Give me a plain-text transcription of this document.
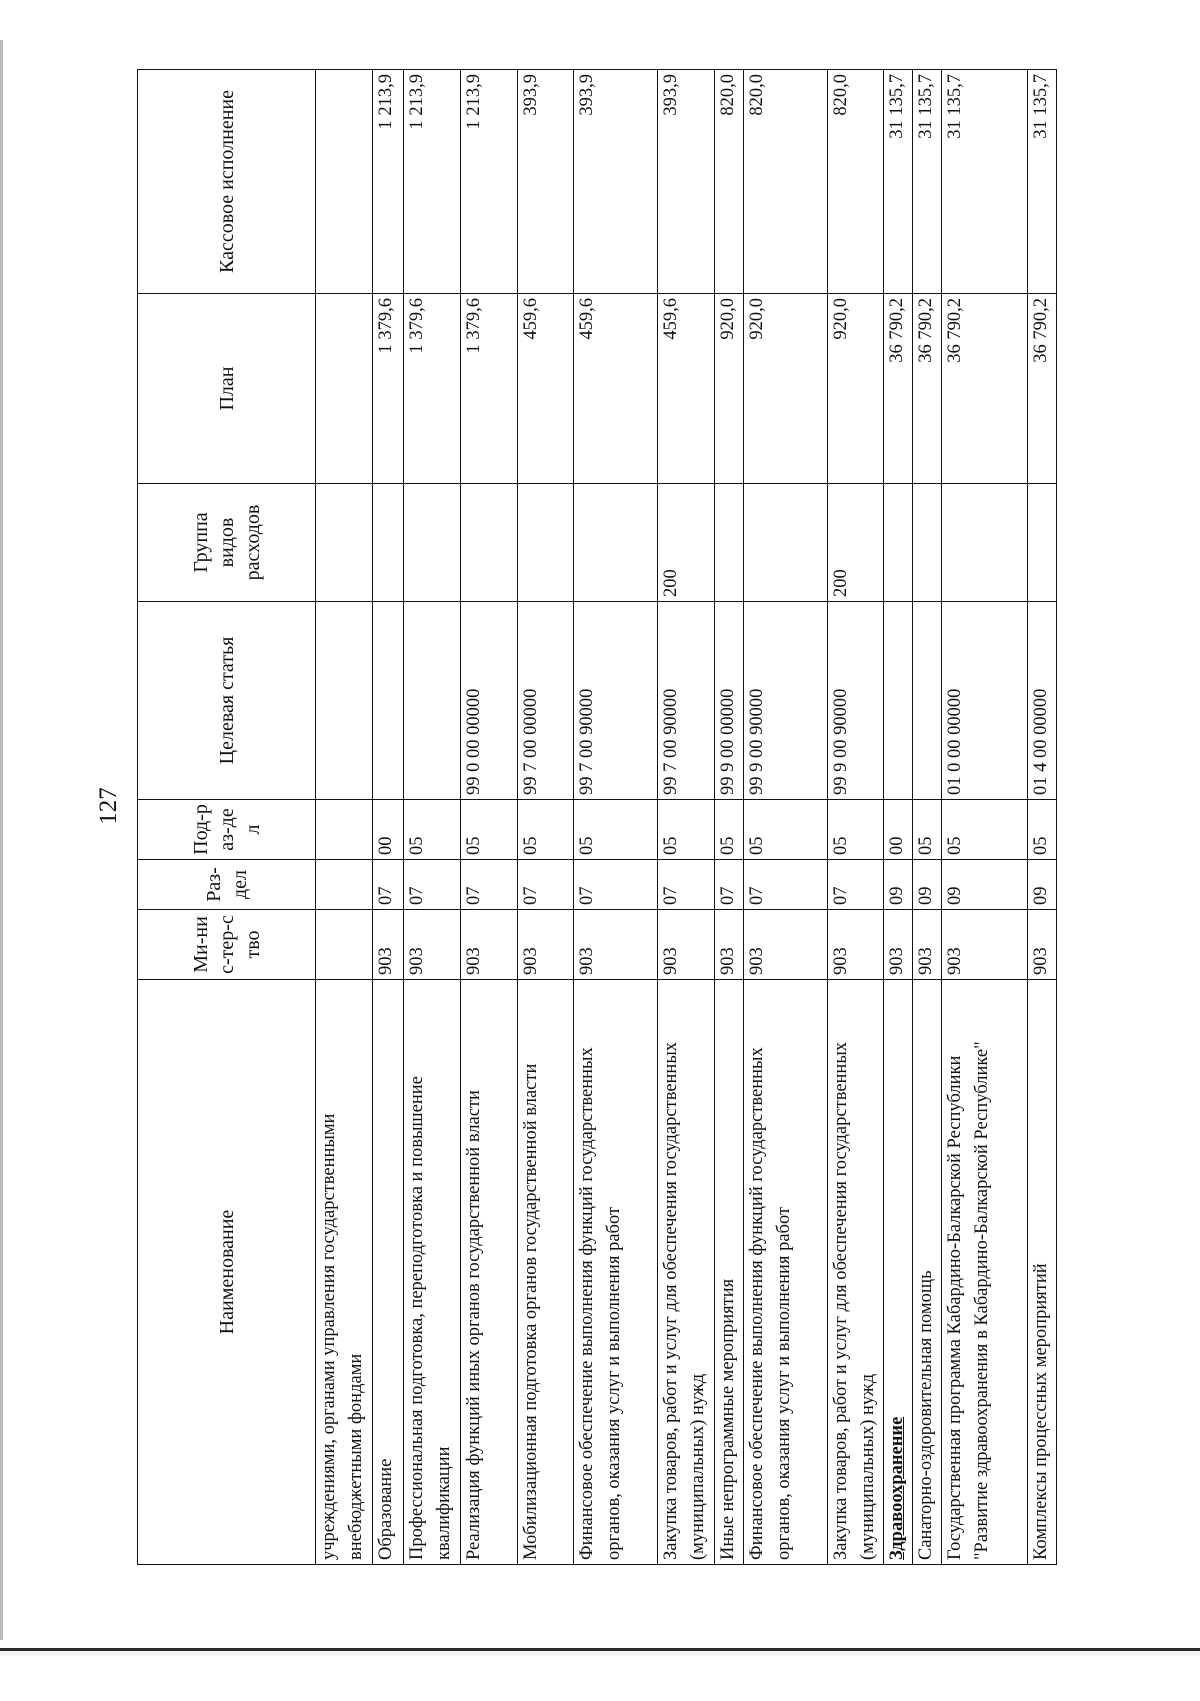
127
Наименование	Ми-нис-тер-ство	Раз-дел	Под-раз-дел	Целевая статья	Группа видов расходов	План	Кассовое исполнение
учреждениями, органами управления государственными внебюджетными фондами							
Образование	903	07	00			1 379,6	1 213,9
Профессиональная подготовка, переподготовка и повышение квалификации	903	07	05			1 379,6	1 213,9
Реализация функций иных органов государственной власти	903	07	05	99 0 00 00000		1 379,6	1 213,9
Мобилизационная подготовка органов государственной власти	903	07	05	99 7 00 00000		459,6	393,9
Финансовое обеспечение выполнения функций государственных органов, оказания услуг и выполнения работ	903	07	05	99 7 00 90000		459,6	393,9
Закупка товаров, работ и услуг для обеспечения государственных (муниципальных) нужд	903	07	05	99 7 00 90000	200	459,6	393,9
Иные непрограммные мероприятия	903	07	05	99 9 00 00000		920,0	820,0
Финансовое обеспечение выполнения функций государственных органов, оказания услуг и выполнения работ	903	07	05	99 9 00 90000		920,0	820,0
Закупка товаров, работ и услуг для обеспечения государственных (муниципальных) нужд	903	07	05	99 9 00 90000	200	920,0	820,0
Здравоохранение	903	09	00			36 790,2	31 135,7
Санаторно-оздоровительная помощь	903	09	05			36 790,2	31 135,7
Государственная программа Кабардино-Балкарской Республики "Развитие здравоохранения в Кабардино-Балкарской Республике"	903	09	05	01 0 00 00000		36 790,2	31 135,7
Комплексы процессных мероприятий	903	09	05	01 4 00 00000		36 790,2	31 135,7
